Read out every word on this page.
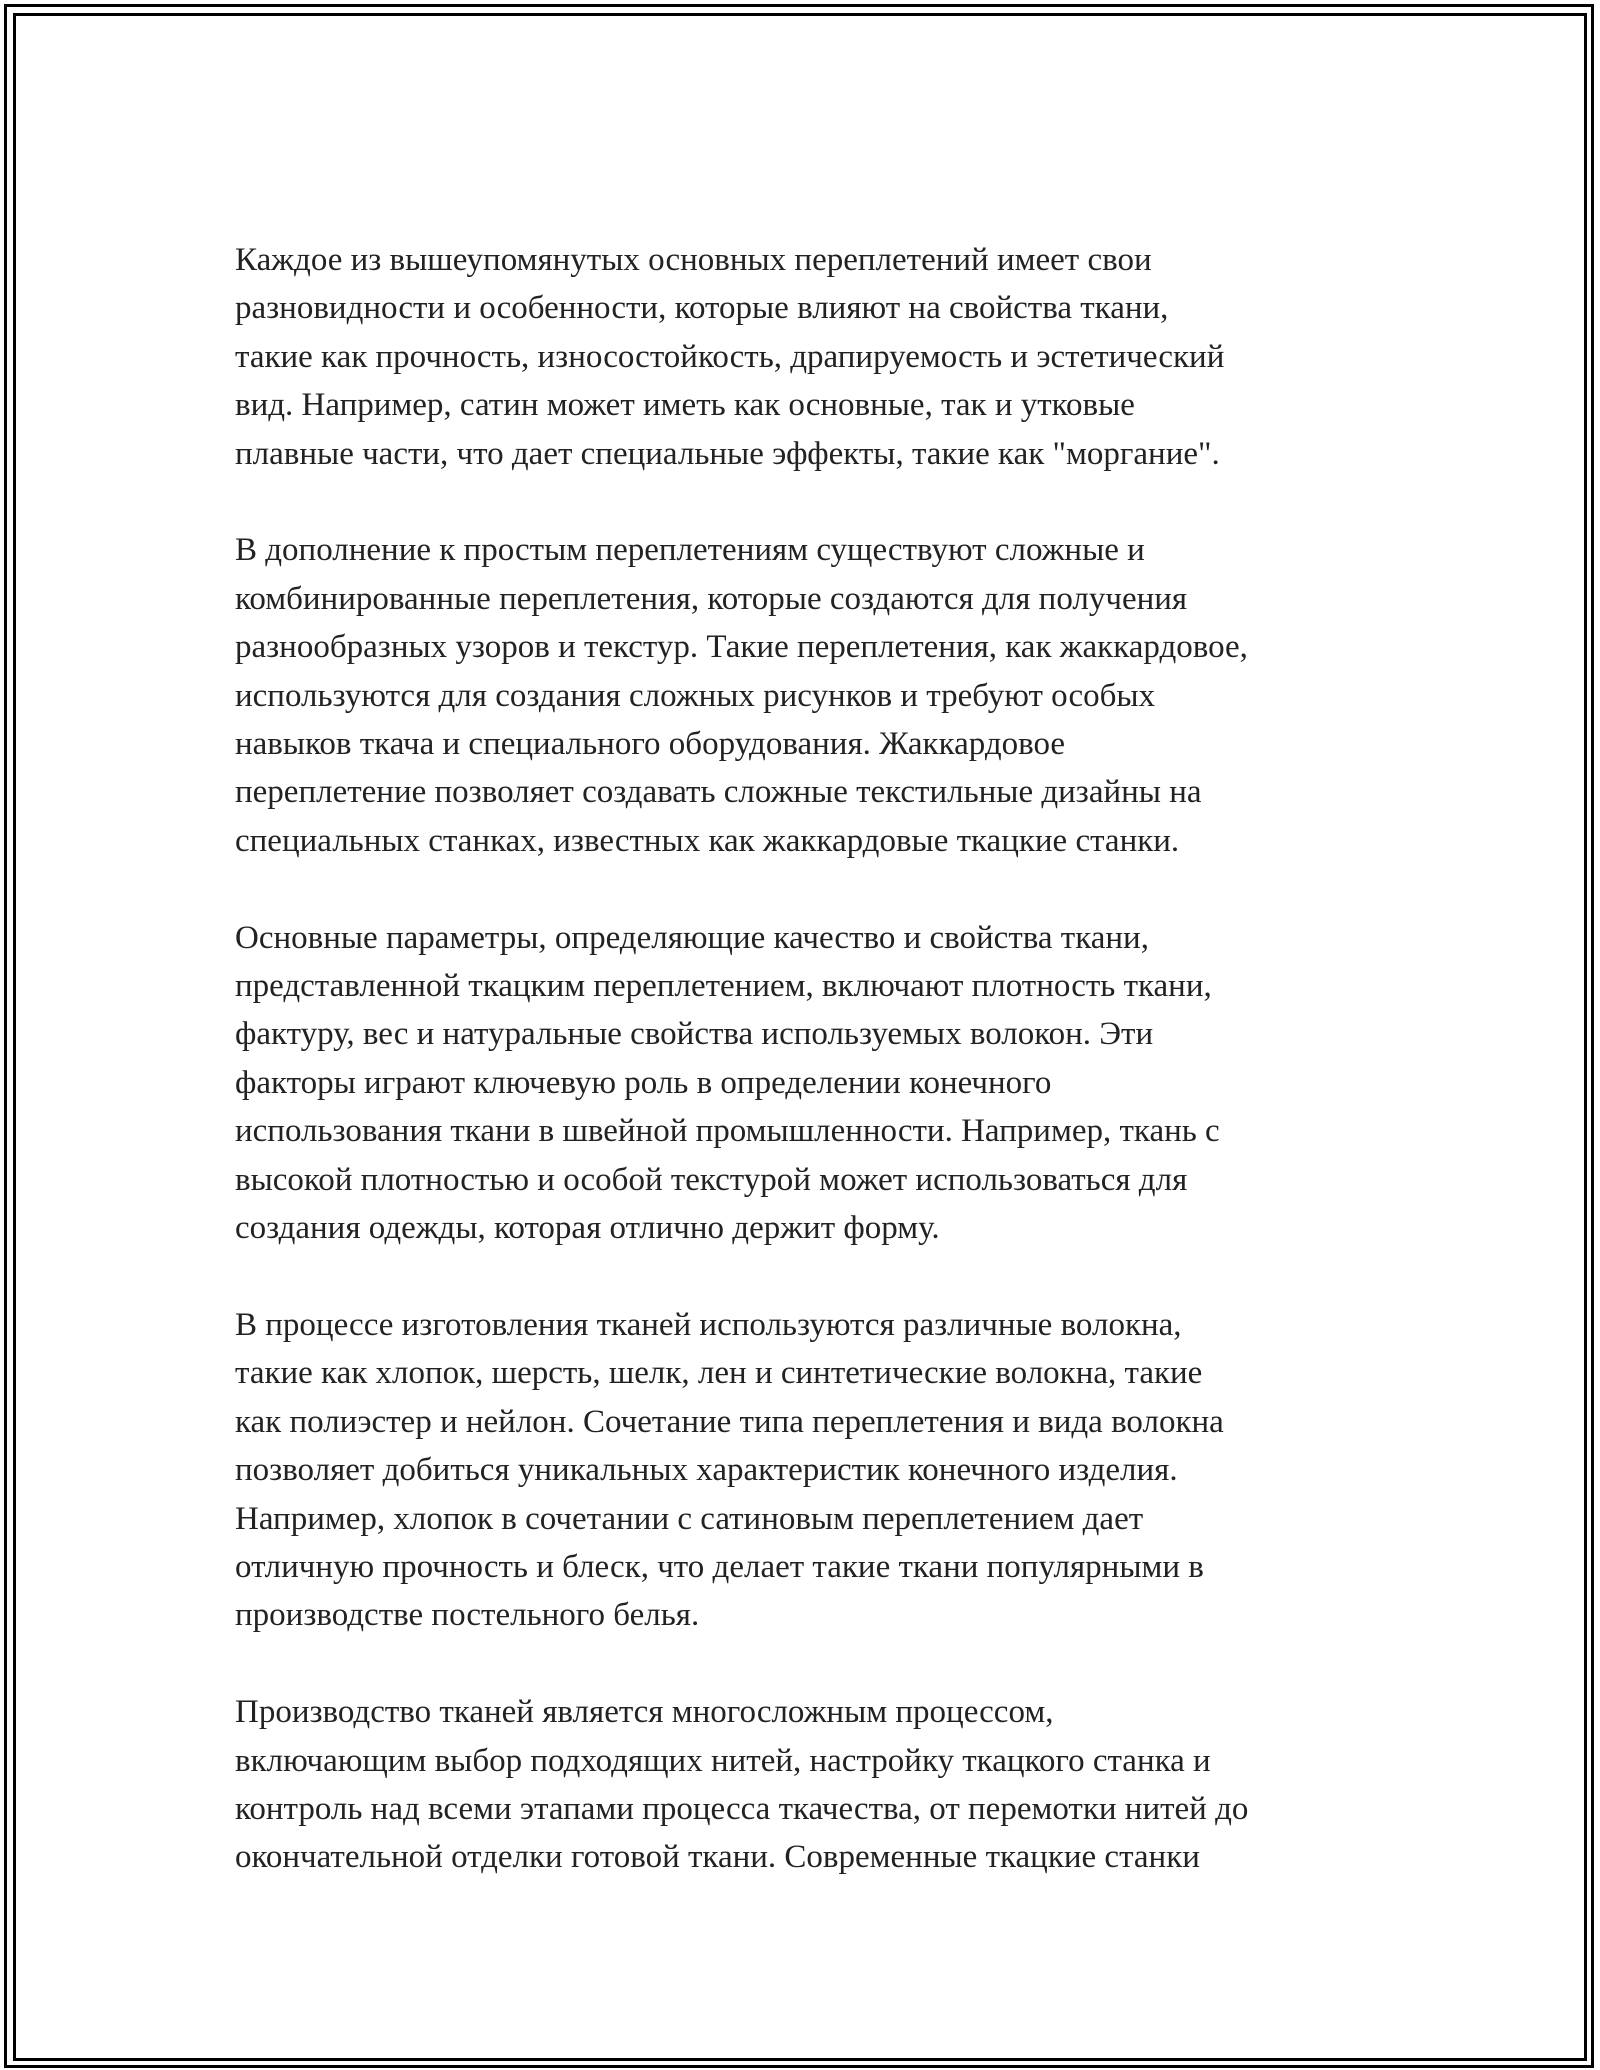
Каждое из вышеупомянутых основных переплетений имеет свои
разновидности и особенности, которые влияют на свойства ткани,
такие как прочность, износостойкость, драпируемость и эстетический
вид. Например, сатин может иметь как основные, так и утковые
плавные части, что дает специальные эффекты, такие как "моргание".

В дополнение к простым переплетениям существуют сложные и
комбинированные переплетения, которые создаются для получения
разнообразных узоров и текстур. Такие переплетения, как жаккардовое,
используются для создания сложных рисунков и требуют особых
навыков ткача и специального оборудования. Жаккардовое
переплетение позволяет создавать сложные текстильные дизайны на
специальных станках, известных как жаккардовые ткацкие станки.

Основные параметры, определяющие качество и свойства ткани,
представленной ткацким переплетением, включают плотность ткани,
фактуру, вес и натуральные свойства используемых волокон. Эти
факторы играют ключевую роль в определении конечного
использования ткани в швейной промышленности. Например, ткань с
высокой плотностью и особой текстурой может использоваться для
создания одежды, которая отлично держит форму.

В процессе изготовления тканей используются различные волокна,
такие как хлопок, шерсть, шелк, лен и синтетические волокна, такие
как полиэстер и нейлон. Сочетание типа переплетения и вида волокна
позволяет добиться уникальных характеристик конечного изделия.
Например, хлопок в сочетании с сатиновым переплетением дает
отличную прочность и блеск, что делает такие ткани популярными в
производстве постельного белья.

Производство тканей является многосложным процессом,
включающим выбор подходящих нитей, настройку ткацкого станка и
контроль над всеми этапами процесса ткачества, от перемотки нитей до
окончательной отделки готовой ткани. Современные ткацкие станки
